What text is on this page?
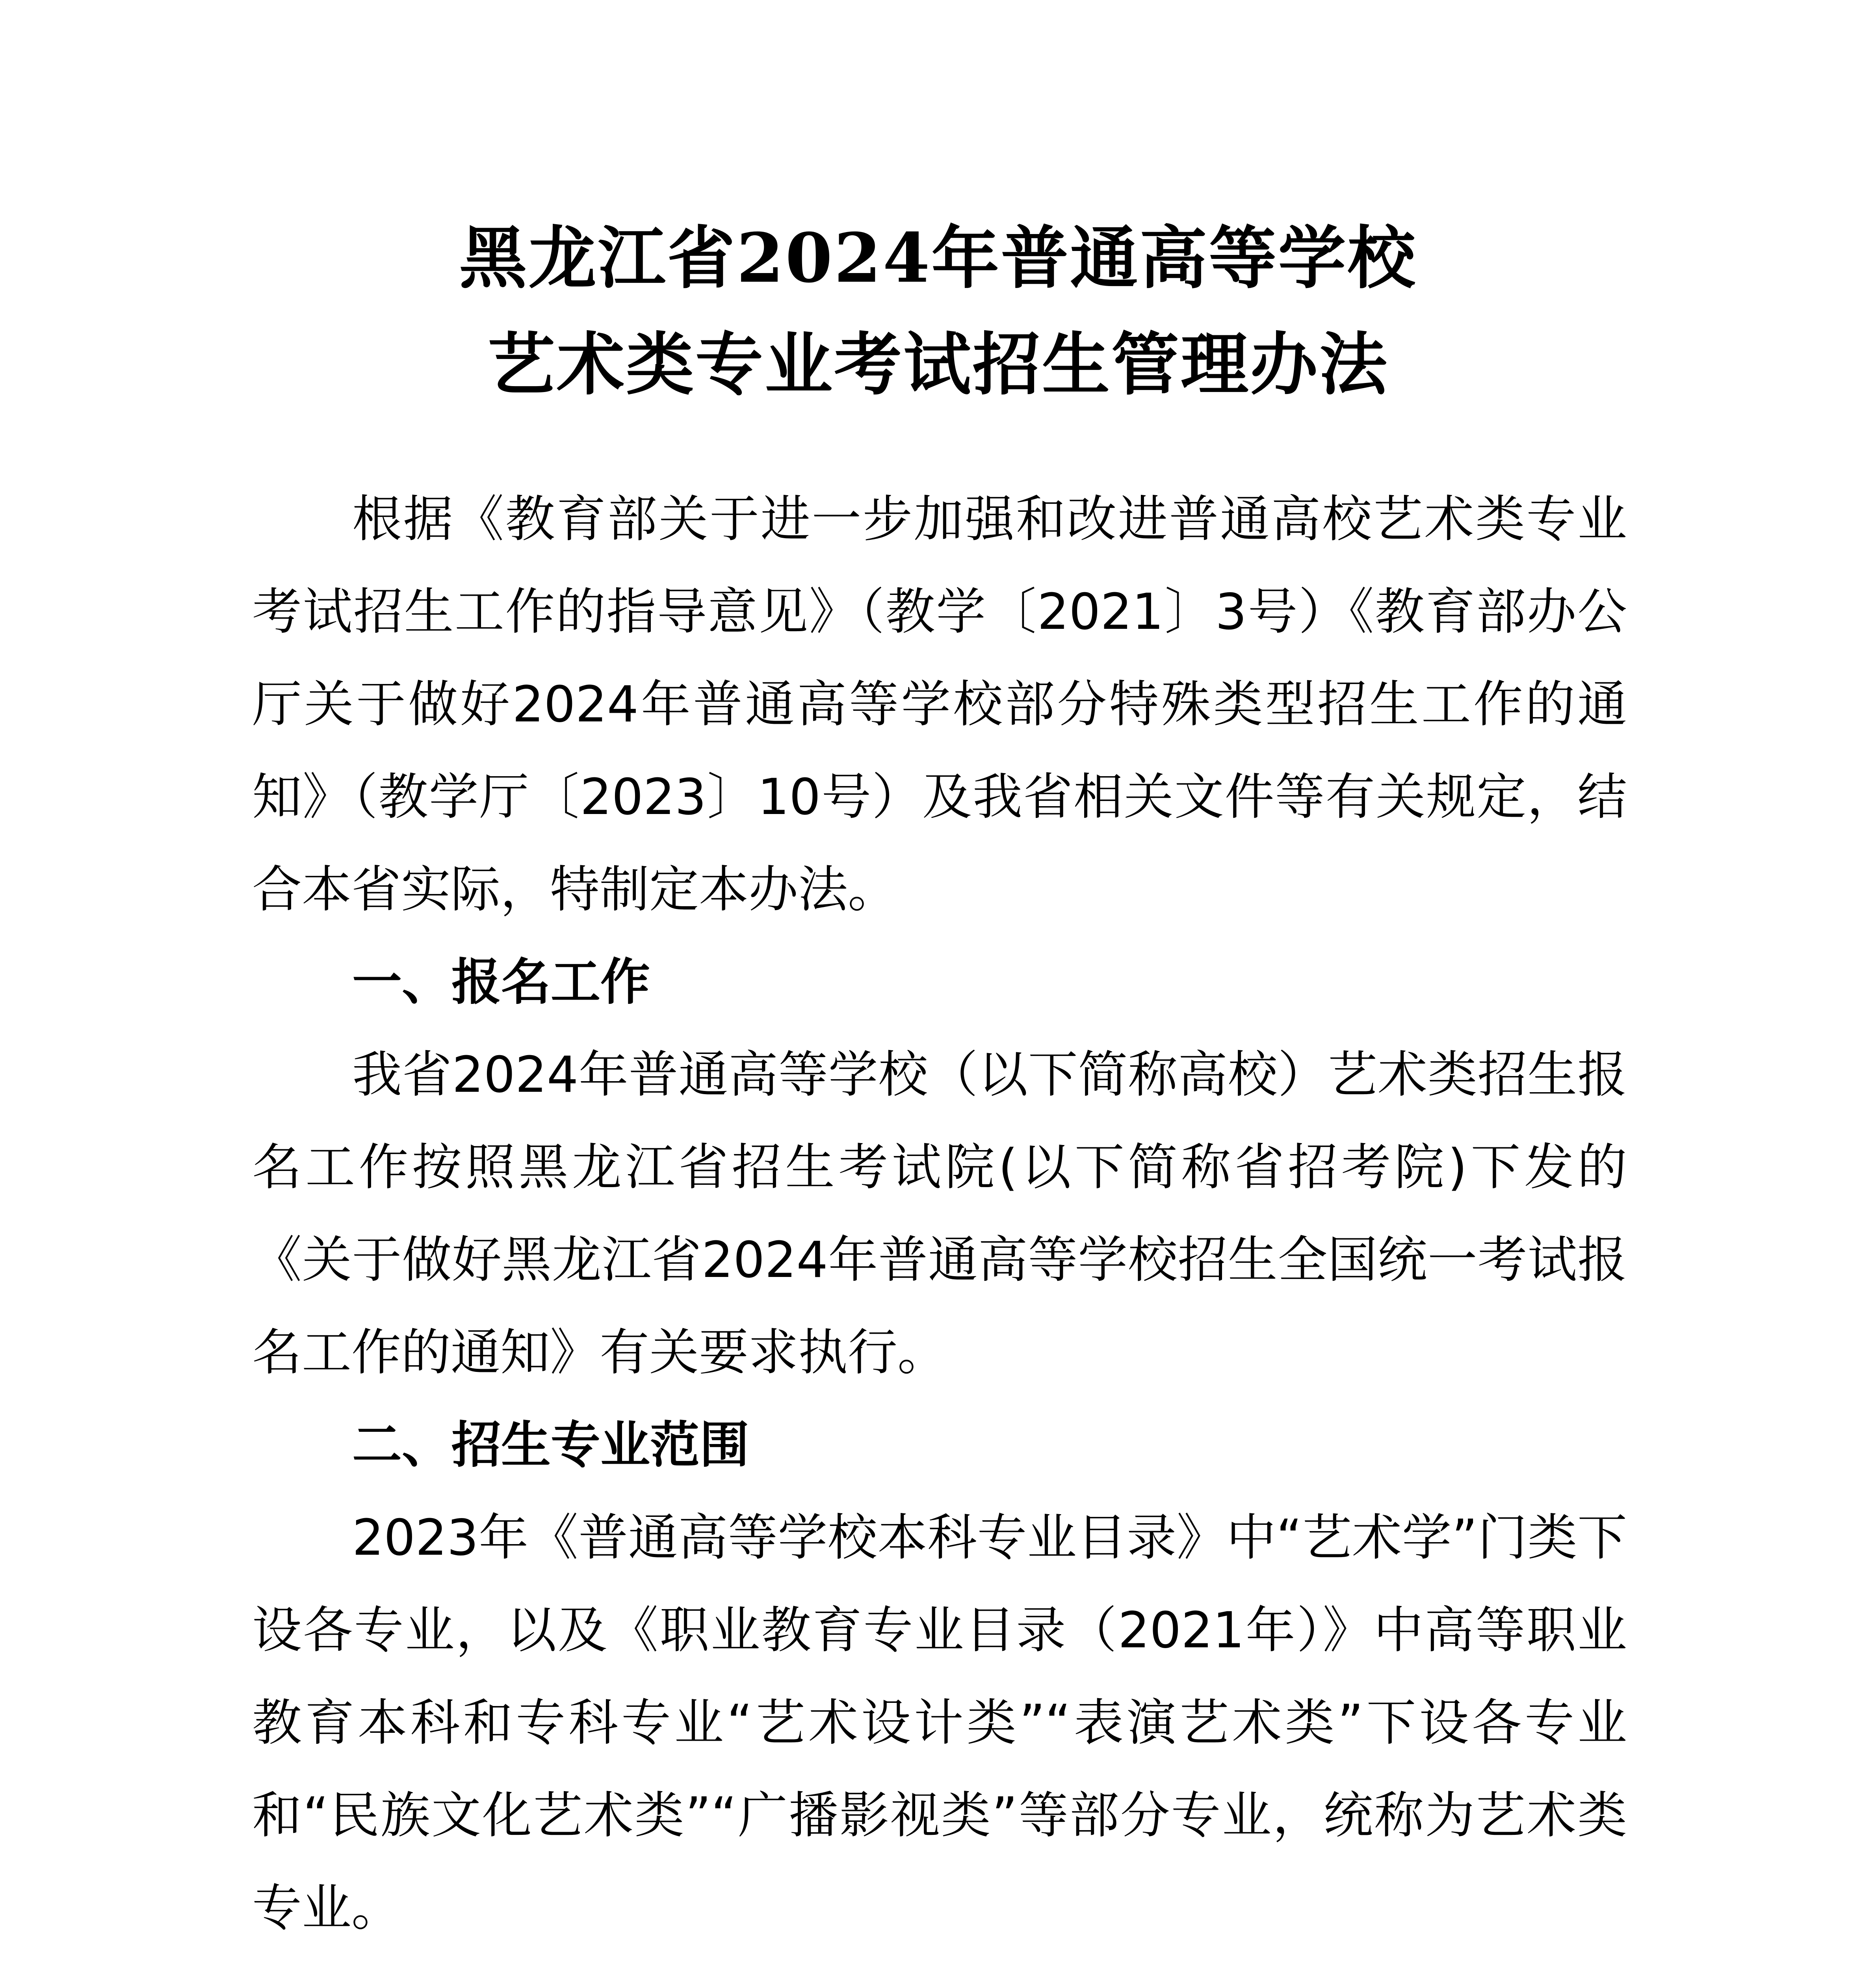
黑龙江省2024年普通高等学校
艺术类专业考试招生管理办法

根据《教育部关于进一步加强和改进普通高校艺术类专业考试招生工作的指导意见》（教学〔2021〕3号）《教育部办公厅关于做好2024年普通高等学校部分特殊类型招生工作的通知》（教学厅〔2023〕10号）及我省相关文件等有关规定，结合本省实际，特制定本办法。

一、报名工作

我省2024年普通高等学校（以下简称高校）艺术类招生报名工作按照黑龙江省招生考试院(以下简称省招考院)下发的《关于做好黑龙江省2024年普通高等学校招生全国统一考试报名工作的通知》有关要求执行。

二、招生专业范围

2023年《普通高等学校本科专业目录》中“艺术学”门类下设各专业，以及《职业教育专业目录（2021年）》中高等职业教育本科和专科专业“艺术设计类”“表演艺术类”下设各专业和“民族文化艺术类”“广播影视类”等部分专业，统称为艺术类专业。
